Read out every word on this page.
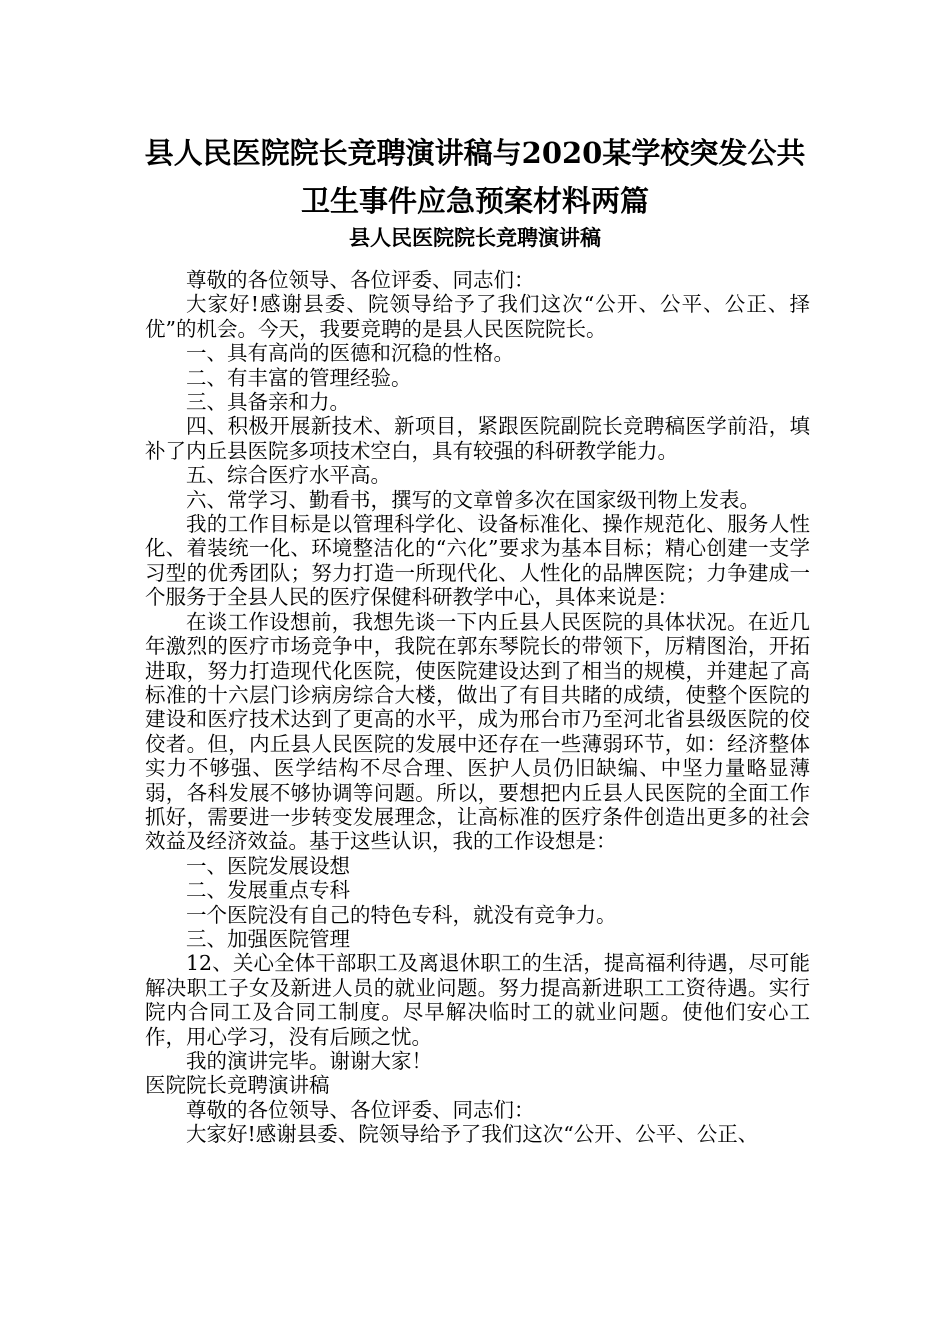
县人民医院院长竞聘演讲稿与2020某学校突发公共
卫生事件应急预案材料两篇
县人民医院院长竞聘演讲稿

尊敬的各位领导、各位评委、同志们：

大家好!感谢县委、院领导给予了我们这次“公开、公平、公正、择优”的机会。今天，我要竞聘的是县人民医院院长。

一、具有高尚的医德和沉稳的性格。

二、有丰富的管理经验。

三、具备亲和力。

四、积极开展新技术、新项目，紧跟医院副院长竞聘稿医学前沿，填补了内丘县医院多项技术空白，具有较强的科研教学能力。

五、综合医疗水平高。

六、常学习、勤看书，撰写的文章曾多次在国家级刊物上发表。

我的工作目标是以管理科学化、设备标准化、操作规范化、服务人性化、着装统一化、环境整洁化的“六化”要求为基本目标；精心创建一支学习型的优秀团队；努力打造一所现代化、人性化的品牌医院；力争建成一个服务于全县人民的医疗保健科研教学中心，具体来说是：

在谈工作设想前，我想先谈一下内丘县人民医院的具体状况。在近几年激烈的医疗市场竞争中，我院在郭东琴院长的带领下，厉精图治，开拓进取，努力打造现代化医院，使医院建设达到了相当的规模，并建起了高标准的十六层门诊病房综合大楼，做出了有目共睹的成绩，使整个医院的建设和医疗技术达到了更高的水平，成为邢台市乃至河北省县级医院的佼佼者。但，内丘县人民医院的发展中还存在一些薄弱环节，如：经济整体实力不够强、医学结构不尽合理、医护人员仍旧缺编、中坚力量略显薄弱，各科发展不够协调等问题。所以，要想把内丘县人民医院的全面工作抓好，需要进一步转变发展理念，让高标准的医疗条件创造出更多的社会效益及经济效益。基于这些认识，我的工作设想是：

一、医院发展设想

二、发展重点专科

一个医院没有自己的特色专科，就没有竞争力。

三、加强医院管理

12、关心全体干部职工及离退休职工的生活，提高福利待遇，尽可能解决职工子女及新进人员的就业问题。努力提高新进职工工资待遇。实行院内合同工及合同工制度。尽早解决临时工的就业问题。使他们安心工作，用心学习，没有后顾之忧。

我的演讲完毕。谢谢大家！

医院院长竞聘演讲稿

尊敬的各位领导、各位评委、同志们：

大家好!感谢县委、院领导给予了我们这次“公开、公平、公正、
